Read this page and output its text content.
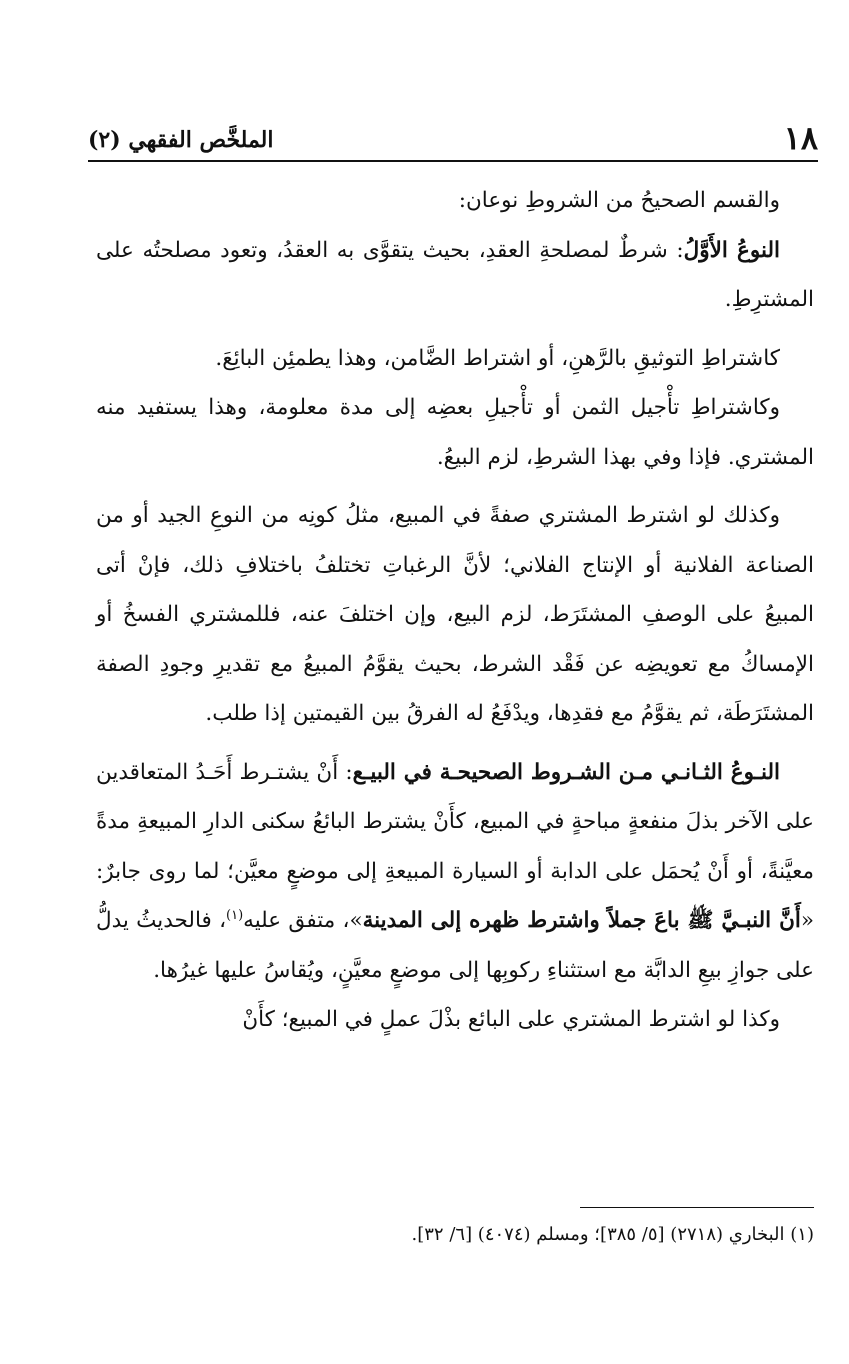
١٨
الملخَّص الفقهي (٢)

والقسم الصحيحُ من الشروطِ نوعان:

النوعُ الأَوَّلُ: شرطٌ لمصلحةِ العقدِ، بحيث يتقوَّى به العقدُ، وتعود مصلحتُه على المشترِطِ.

كاشتراطِ التوثيقِ بالرَّهنِ، أو اشتراط الضَّامن، وهذا يطمئِن البائِعَ.

وكاشتراطِ تأْجيل الثمن أو تأْجيلِ بعضِه إلى مدة معلومة، وهذا يستفيد منه المشتري. فإذا وفي بهذا الشرطِ، لزم البيعُ.

وكذلك لو اشترط المشتري صفةً في المبيع، مثلُ كونِه من النوعِ الجيد أو من الصناعة الفلانية أو الإنتاج الفلاني؛ لأنَّ الرغباتِ تختلفُ باختلافِ ذلك، فإنْ أتى المبيعُ على الوصفِ المشتَرَط، لزم البيع، وإن اختلفَ عنه، فللمشتري الفسخُ أو الإمساكُ مع تعويضِه عن فَقْد الشرط، بحيث يقوَّمُ المبيعُ مع تقديرِ وجودِ الصفة المشتَرَطَة، ثم يقوَّمُ مع فقدِها، ويدْفَعُ له الفرقُ بين القيمتين إذا طلب.

النـوعُ الثـانـي مـن الشـروط الصحيحـة في البيـع: أَنْ يشتـرط أَحَـدُ المتعاقدين على الآخر بذلَ منفعةٍ مباحةٍ في المبيع، كأَنْ يشترط البائعُ سكنى الدارِ المبيعةِ مدةً معيَّنةً، أو أَنْ يُحمَل على الدابة أو السيارة المبيعةِ إلى موضعٍ معيَّن؛ لما روى جابرٌ: «أَنَّ النبـيَّ ﷺ باعَ جملاً واشترط ظهره إلى المدينة»، متفق عليه$^{(١)}$، فالحديثُ يدلُّ على جوازِ بيعِ الدابَّة مع استثناءِ ركوبِها إلى موضعٍ معيَّنٍ، ويُقاسُ عليها غيرُها.

وكذا لو اشترط المشتري على البائع بذْلَ عملٍ في المبيع؛ كأَنْ

(١) البخاري (٢٧١٨) [٥/ ٣٨٥]؛ ومسلم (٤٠٧٤) [٦/ ٣٢].
